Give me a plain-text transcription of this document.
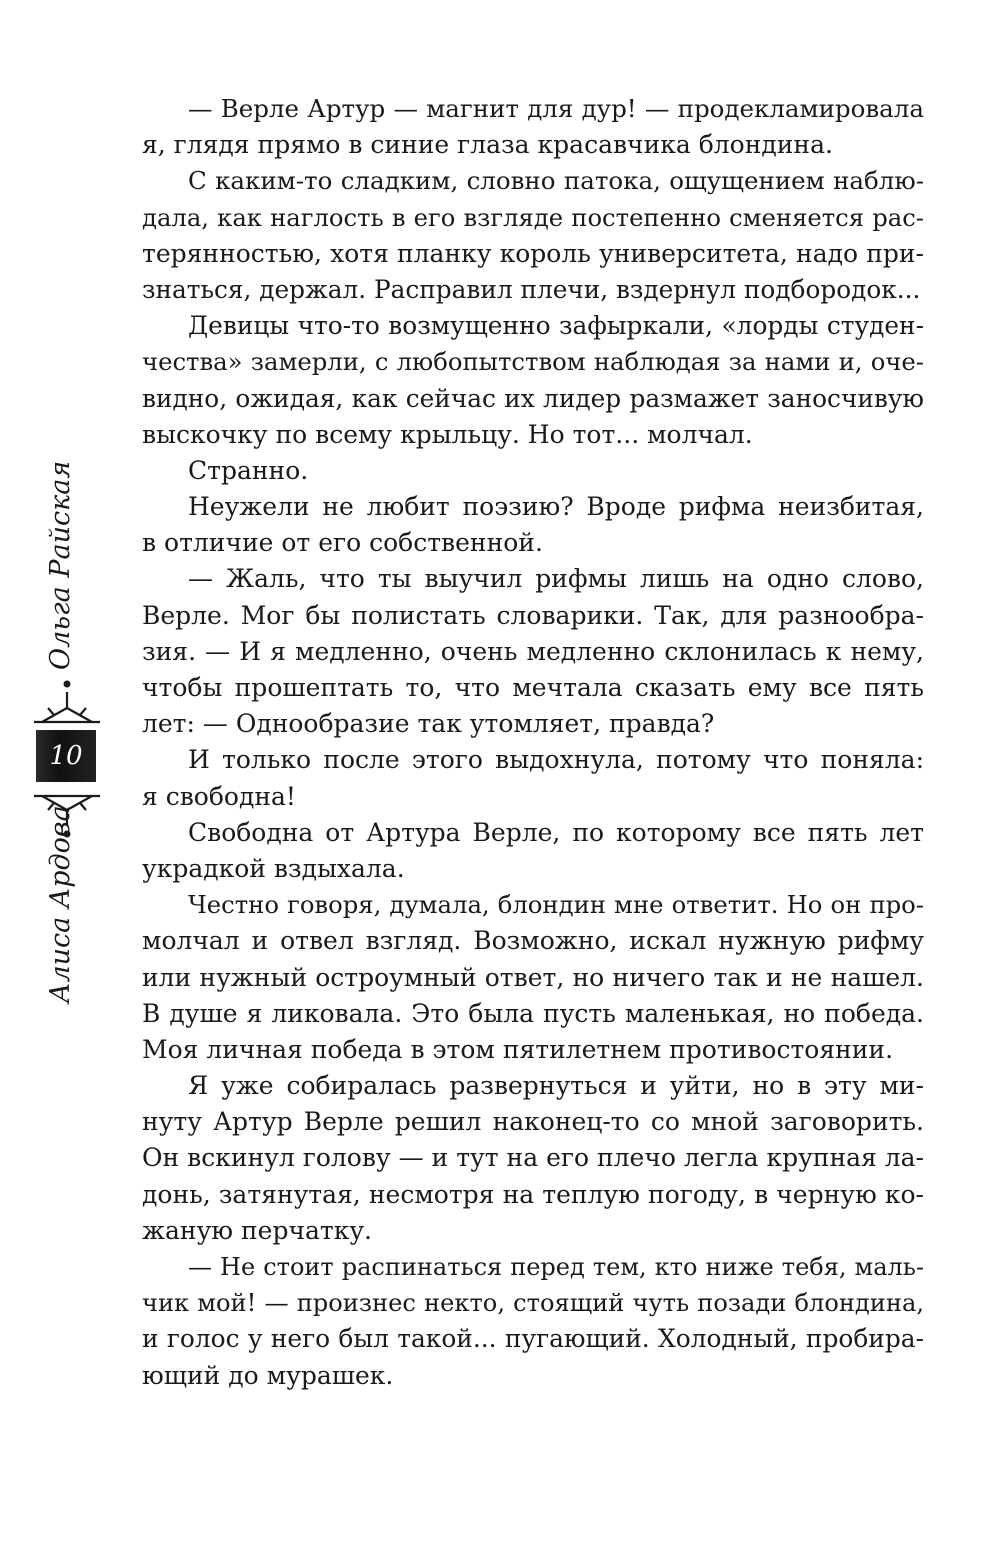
Ольга Райская
10
Алиса Ардова
— Верле Артур — магнит для дур! — продекламировала
я, глядя прямо в синие глаза красавчика блондина.
С каким-то сладким, словно патока, ощущением наблю-
дала, как наглость в его взгляде постепенно сменяется рас-
терянностью, хотя планку король университета, надо при-
знаться, держал. Расправил плечи, вздернул подбородок...
Девицы что-то возмущенно зафыркали, «лорды студен-
чества» замерли, с любопытством наблюдая за нами и, оче-
видно, ожидая, как сейчас их лидер размажет заносчивую
выскочку по всему крыльцу. Но тот... молчал.
Странно.
Неужели не любит поэзию? Вроде рифма неизбитая,
в отличие от его собственной.
— Жаль, что ты выучил рифмы лишь на одно слово,
Верле. Мог бы полистать словарики. Так, для разнообра-
зия. — И я медленно, очень медленно склонилась к нему,
чтобы прошептать то, что мечтала сказать ему все пять
лет: — Однообразие так утомляет, правда?
И только после этого выдохнула, потому что поняла:
я свободна!
Свободна от Артура Верле, по которому все пять лет
украдкой вздыхала.
Честно говоря, думала, блондин мне ответит. Но он про-
молчал и отвел взгляд. Возможно, искал нужную рифму
или нужный остроумный ответ, но ничего так и не нашел.
В душе я ликовала. Это была пусть маленькая, но победа.
Моя личная победа в этом пятилетнем противостоянии.
Я уже собиралась развернуться и уйти, но в эту ми-
нуту Артур Верле решил наконец-то со мной заговорить.
Он вскинул голову — и тут на его плечо легла крупная ла-
донь, затянутая, несмотря на теплую погоду, в черную ко-
жаную перчатку.
— Не стоит распинаться перед тем, кто ниже тебя, маль-
чик мой! — произнес некто, стоящий чуть позади блондина,
и голос у него был такой... пугающий. Холодный, пробира-
ющий до мурашек.
